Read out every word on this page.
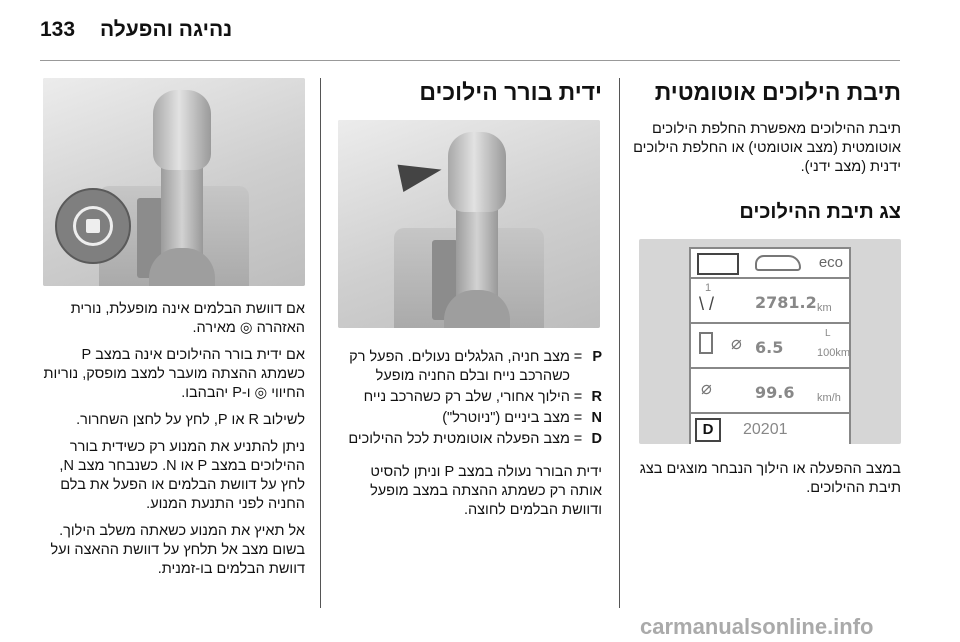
133 נהיגה והפעלה
תיבת הילוכים אוטומטית

תיבת ההילוכים מאפשרת החלפת הילוכים אוטומטית (מצב אוטומטי) או החלפת הילוכים ידנית (מצב ידני).

צג תיבת ההילוכים
eco
1
/ \	2781.2 km
⌀ 6.5
L
100km
⌀	99.6 km/h
D	20201

במצב ההפעלה או הילוך הנבחר מוצגים בצג תיבת ההילוכים.

ידית בורר הילוכים
P
=
מצב חניה, הגלגלים נעולים. הפעל רק כשהרכב נייח ובלם החניה מופעל
R
=
הילוך אחורי, שלב רק כשהרכב נייח
N
=
מצב ביניים ("ניוטרל")
D
=
מצב הפעלה אוטומטית לכל ההילוכים

ידית הבורר נעולה במצב P וניתן להסיט אותה רק כשמתג ההצתה במצב מופעל ודוושת הבלמים לחוצה.

אם דוושת הבלמים אינה מופעלת, נורית האזהרה ◎ מאירה.

אם ידית בורר ההילוכים אינה במצב P כשמתג ההצתה מועבר למצב מופסק, נוריות החיווי ◎ ו-P יהבהבו.

לשילוב R או P, לחץ על לחצן השחרור.

ניתן להתניע את המנוע רק כשידית בורר ההילוכים במצב P או N. כשנבחר מצב N, לחץ על דוושת הבלמים או הפעל את בלם החניה לפני התנעת המנוע.

אל תאיץ את המנוע כשאתה משלב הילוך. בשום מצב אל תלחץ על דוושת ההאצה ועל דוושת הבלמים בו-זמנית.

carmanualsonline.info
